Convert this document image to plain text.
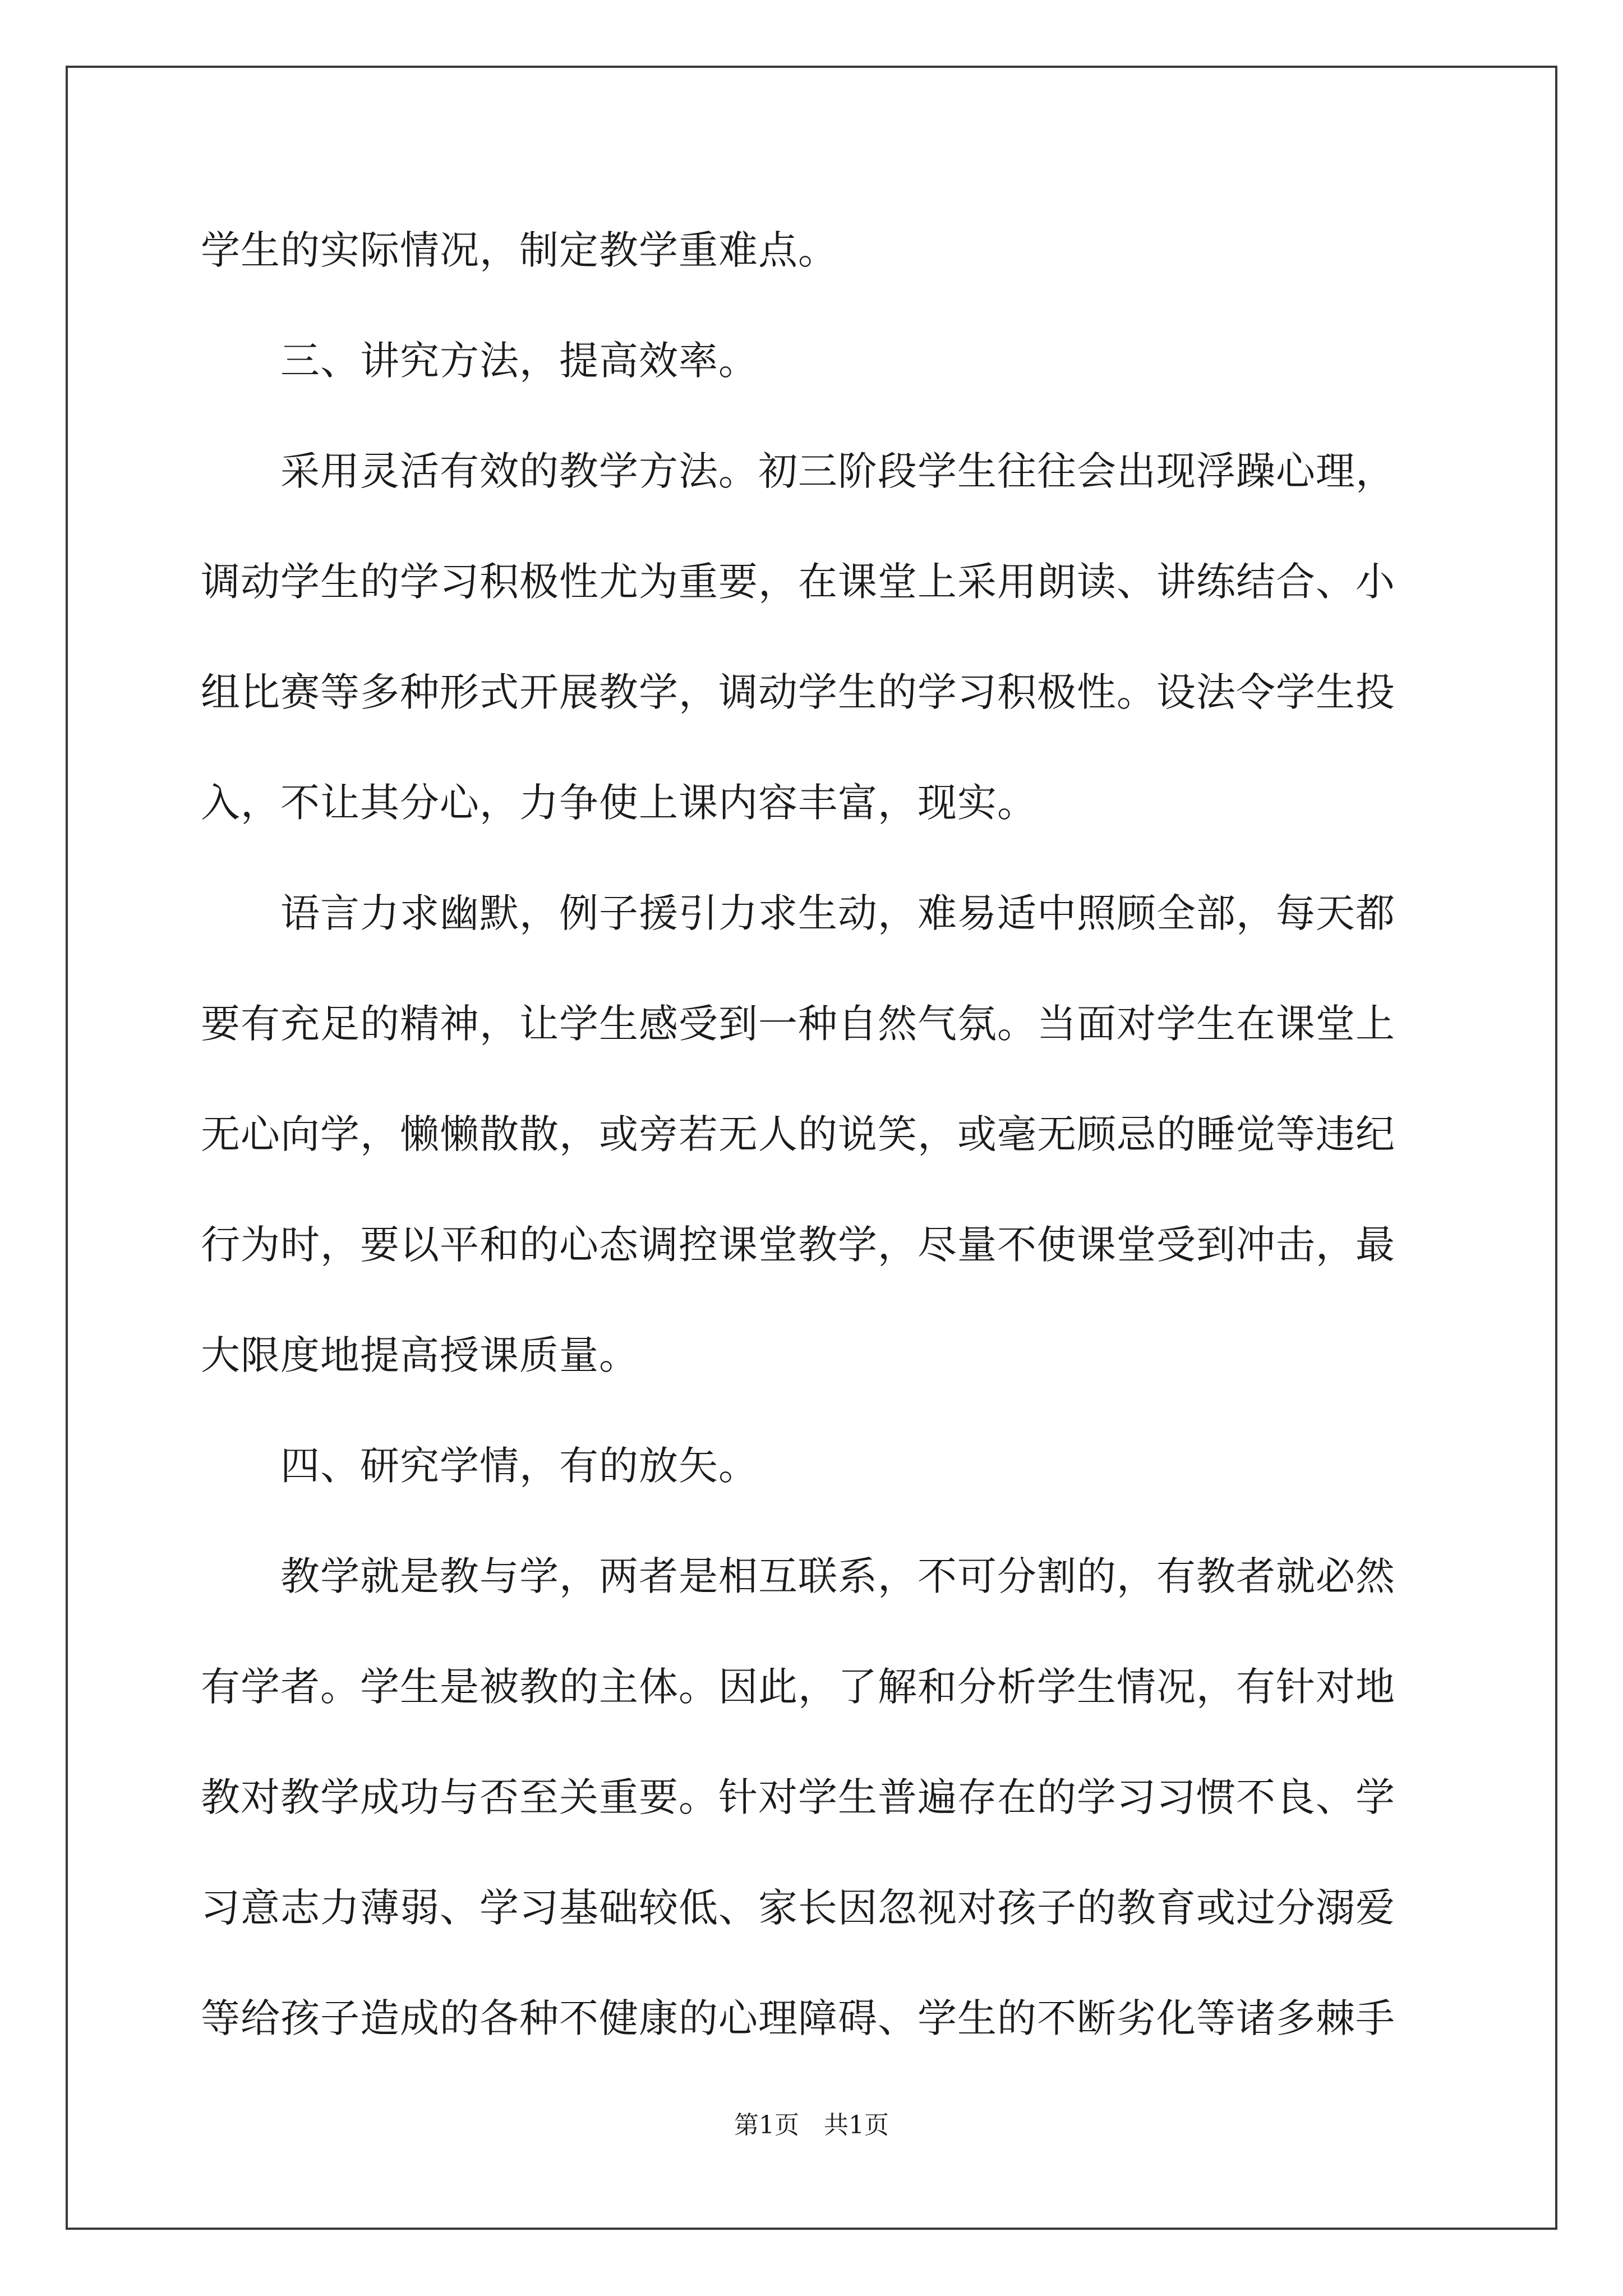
学生的实际情况，制定教学重难点。
三、讲究方法，提高效率。
采用灵活有效的教学方法。初三阶段学生往往会出现浮躁心理，
调动学生的学习积极性尤为重要，在课堂上采用朗读、讲练结合、小
组比赛等多种形式开展教学，调动学生的学习积极性。设法令学生投
入，不让其分心，力争使上课内容丰富，现实。
语言力求幽默，例子援引力求生动，难易适中照顾全部，每天都
要有充足的精神，让学生感受到一种自然气氛。当面对学生在课堂上
无心向学，懒懒散散，或旁若无人的说笑，或毫无顾忌的睡觉等违纪
行为时，要以平和的心态调控课堂教学，尽量不使课堂受到冲击，最
大限度地提高授课质量。
四、研究学情，有的放矢。
教学就是教与学，两者是相互联系，不可分割的，有教者就必然
有学者。学生是被教的主体。因此，了解和分析学生情况，有针对地
教对教学成功与否至关重要。针对学生普遍存在的学习习惯不良、学
习意志力薄弱、学习基础较低、家长因忽视对孩子的教育或过分溺爱
等给孩子造成的各种不健康的心理障碍、学生的不断劣化等诸多棘手
第1页　共1页
